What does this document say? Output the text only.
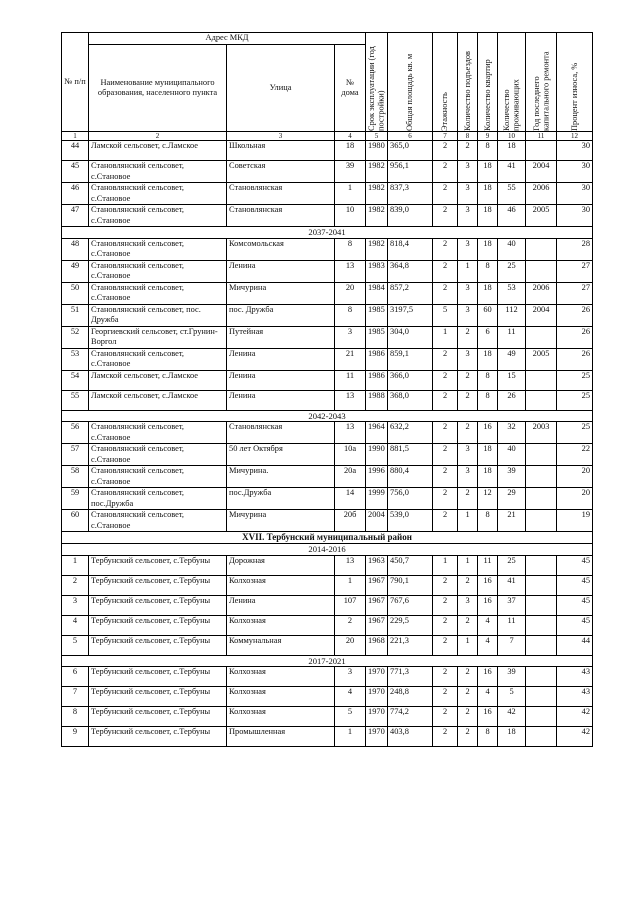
№ п/п	Адрес МКД			Срок эксплуатации (год постройки)	Общая площадь кв. м	Этажность	Количество подъездов	Количество квартир	Количество проживающих	Год последнего капитального ремонта	Процент износа, %

	Наименование муниципального образования, населенного пункта	Улица	№ дома								
1	2	3	4	5	6	7	8	9	10	11	12
44	Ламской сельсовет, с.Ламское	Школьная	18	1980	365,0	2	2	8	18		30
45	Становлянский сельсовет, с.Становое	Советская	39	1982	956,1	2	3	18	41	2004	30
46	Становлянский сельсовет, с.Становое	Становлянская	1	1982	837,3	2	3	18	55	2006	30
47	Становлянский сельсовет, с.Становое	Становлянская	10	1982	839,0	2	3	18	46	2005	30
2037-2041											
48	Становлянский сельсовет, с.Становое	Комсомольская	8	1982	818,4	2	3	18	40		28
49	Становлянский сельсовет, с.Становое	Ленина	13	1983	364,8	2	1	8	25		27
50	Становлянский сельсовет, с.Становое	Мичурина	20	1984	857,2	2	3	18	53	2006	27
51	Становлянский сельсовет, пос. Дружба	пос. Дружба	8	1985	3197,5	5	3	60	112	2004	26
52	Георгиевский сельсовет, ст.Грунин-Воргол	Путейная	3	1985	304,0	1	2	6	11		26
53	Становлянский сельсовет, с.Становое	Ленина	21	1986	859,1	2	3	18	49	2005	26
54	Ламской сельсовет, с.Ламское	Ленина	11	1986	366,0	2	2	8	15		25
55	Ламской сельсовет, с.Ламское	Ленина	13	1988	368,0	2	2	8	26		25
2042-2043											
56	Становлянский сельсовет, с.Становое	Становлянская	13	1964	632,2	2	2	16	32	2003	25
57	Становлянский сельсовет, с.Становое	50 лет Октября	10а	1990	881,5	2	3	18	40		22
58	Становлянский сельсовет, с.Становое	Мичурина.	20а	1996	880,4	2	3	18	39		20
59	Становлянский сельсовет, пос.Дружба	пос.Дружба	14	1999	756,0	2	2	12	29		20
60	Становлянский сельсовет, с.Становое	Мичурина	20б	2004	539,0	2	1	8	21		19
XVII. Тербунский муниципальный район											
2014-2016											
1	Тербунский сельсовет, с.Тербуны	Дорожная	13	1963	450,7	1	1	11	25		45
2	Тербунский сельсовет, с.Тербуны	Колхозная	1	1967	790,1	2	2	16	41		45
3	Тербунский сельсовет, с.Тербуны	Ленина	107	1967	767,6	2	3	16	37		45
4	Тербунский сельсовет, с.Тербуны	Колхозная	2	1967	229,5	2	2	4	11		45
5	Тербунский сельсовет, с.Тербуны	Коммунальная	20	1968	221,3	2	1	4	7		44
2017-2021											
6	Тербунский сельсовет, с.Тербуны	Колхозная	3	1970	771,3	2	2	16	39		43
7	Тербунский сельсовет, с.Тербуны	Колхозная	4	1970	248,8	2	2	4	5		43
8	Тербунский сельсовет, с.Тербуны	Колхозная	5	1970	774,2	2	2	16	42		42
9	Тербунский сельсовет, с.Тербуны	Промышленная	1	1970	403,8	2	2	8	18		42
